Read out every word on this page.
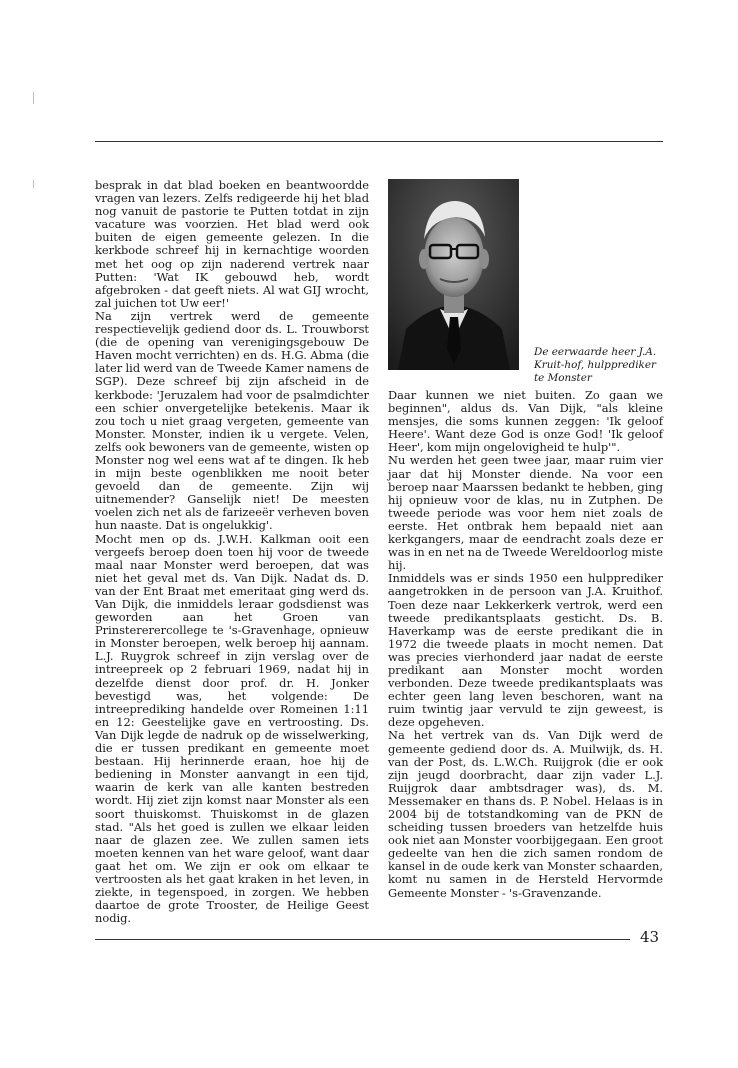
besprak in dat blad boeken en beantwoordde vragen van lezers. Zelfs redigeerde hij het blad nog vanuit de pastorie te Putten totdat in zijn vacature was voorzien. Het blad werd ook buiten de eigen gemeente gelezen. In die kerkbode schreef hij in kernachtige woorden met het oog op zijn naderend vertrek naar Putten: 'Wat IK gebouwd heb, wordt afgebroken - dat geeft niets. Al wat GIJ wrocht, zal juichen tot Uw eer!'

Na zijn vertrek werd de gemeente respectievelijk gediend door ds. L. Trouwborst (die de opening van verenigingsgebouw De Haven mocht verrichten) en ds. H.G. Abma (die later lid werd van de Tweede Kamer namens de SGP). Deze schreef bij zijn afscheid in de kerkbode: 'Jeruzalem had voor de psalmdichter een schier onvergetelijke betekenis. Maar ik zou toch u niet graag vergeten, gemeente van Monster. Monster, indien ik u vergete. Velen, zelfs ook bewoners van de gemeente, wisten op Monster nog wel eens wat af te dingen. Ik heb in mijn beste ogenblikken me nooit beter gevoeld dan de gemeente. Zijn wij uitnemender? Ganselijk niet! De meesten voelen zich net als de farizeeër verheven boven hun naaste. Dat is ongelukkig'.

Mocht men op ds. J.W.H. Kalkman ooit een vergeefs beroep doen toen hij voor de tweede maal naar Monster werd beroepen, dat was niet het geval met ds. Van Dijk. Nadat ds. D. van der Ent Braat met emeritaat ging werd ds. Van Dijk, die inmiddels leraar godsdienst was geworden aan het Groen van Prinstererercollege te 's-Gravenhage, opnieuw in Monster beroepen, welk beroep hij aannam. L.J. Ruygrok schreef in zijn verslag over de intreepreek op 2 februari 1969, nadat hij in dezelfde dienst door prof. dr. H. Jonker bevestigd was, het volgende: De intreeprediking handelde over Romeinen 1:11 en 12: Geestelijke gave en vertroosting. Ds. Van Dijk legde de nadruk op de wisselwerking, die er tussen predikant en gemeente moet bestaan. Hij herinnerde eraan, hoe hij de bediening in Monster aanvangt in een tijd, waarin de kerk van alle kanten bestreden wordt. Hij ziet zijn komst naar Monster als een soort thuiskomst. Thuiskomst in de glazen stad. "Als het goed is zullen we elkaar leiden naar de glazen zee. We zullen samen iets moeten kennen van het ware geloof, want daar gaat het om. We zijn er ook om elkaar te vertroosten als het gaat kraken in het leven, in ziekte, in tegenspoed, in zorgen. We hebben daartoe de grote Trooster, de Heilige Geest nodig.

De eerwaarde heer J.A. Kruit-hof, hulpprediker te Monster

Daar kunnen we niet buiten. Zo gaan we beginnen", aldus ds. Van Dijk, "als kleine mensjes, die soms kunnen zeggen: 'Ik geloof Heere'. Want deze God is onze God! 'Ik geloof Heer', kom mijn ongelovigheid te hulp'".

Nu werden het geen twee jaar, maar ruim vier jaar dat hij Monster diende. Na voor een beroep naar Maarssen bedankt te hebben, ging hij opnieuw voor de klas, nu in Zutphen. De tweede periode was voor hem niet zoals de eerste. Het ontbrak hem bepaald niet aan kerkgangers, maar de eendracht zoals deze er was in en net na de Tweede Wereldoorlog miste hij.

Inmiddels was er sinds 1950 een hulpprediker aangetrokken in de persoon van J.A. Kruithof. Toen deze naar Lekkerkerk vertrok, werd een tweede predikantsplaats gesticht. Ds. B. Haverkamp was de eerste predikant die in 1972 die tweede plaats in mocht nemen. Dat was precies vierhonderd jaar nadat de eerste predikant aan Monster mocht worden verbonden. Deze tweede predikantsplaats was echter geen lang leven beschoren, want na ruim twintig jaar vervuld te zijn geweest, is deze opgeheven.

Na het vertrek van ds. Van Dijk werd de gemeente gediend door ds. A. Muilwijk, ds. H. van der Post, ds. L.W.Ch. Ruijgrok (die er ook zijn jeugd doorbracht, daar zijn vader L.J. Ruijgrok daar ambtsdrager was), ds. M. Messemaker en thans ds. P. Nobel. Helaas is in 2004 bij de totstandkoming van de PKN de scheiding tussen broeders van hetzelfde huis ook niet aan Monster voorbijgegaan. Een groot gedeelte van hen die zich samen rondom de kansel in de oude kerk van Monster schaarden, komt nu samen in de Hersteld Hervormde Gemeente Monster - 's-Gravenzande.

43
